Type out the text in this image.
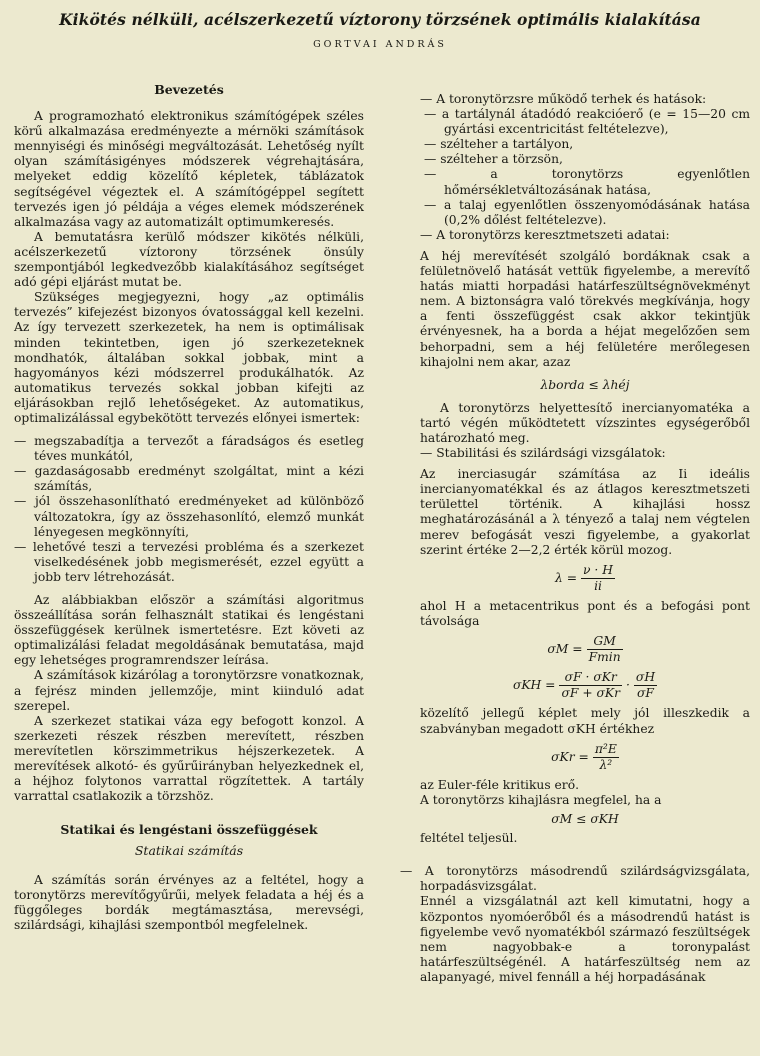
Kikötés nélküli, acélszerkezetű víztorony törzsének optimális kialakítása
GORTVAI ANDRÁS
Bevezetés

A programozható elektronikus számítógépek széles körű alkalmazása eredményezte a mérnöki számítások mennyiségi és minőségi megváltozását. Lehetőség nyílt olyan számításigényes módszerek végrehajtására, melyeket eddig közelítő képletek, táblázatok segítségével végeztek el. A számítógéppel segített tervezés igen jó példája a véges elemek módszerének alkalmazása vagy az automatizált optimumkeresés.

A bemutatásra kerülő módszer kikötés nélküli, acélszerkezetű víztorony törzsének önsúly szempontjából legkedvezőbb kialakításához segítséget adó gépi eljárást mutat be.

Szükséges megjegyezni, hogy „az optimális tervezés” kifejezést bizonyos óvatossággal kell kezelni. Az így tervezett szerkezetek, ha nem is optimálisak minden tekintetben, igen jó szerkezeteknek mondhatók, általában sokkal jobbak, mint a hagyományos kézi módszerrel produkálhatók. Az automatikus tervezés sokkal jobban kifejti az eljárásokban rejlő lehetőségeket. Az automatikus, optimalizálással egybekötött tervezés előnyei ismertek:

— megszabadítja a tervezőt a fáradságos és esetleg téves munkától,

— gazdaságosabb eredményt szolgáltat, mint a kézi számítás,

— jól összehasonlítható eredményeket ad különböző változatokra, így az összehasonlító, elemző munkát lényegesen megkönnyíti,

— lehetővé teszi a tervezési probléma és a szerkezet viselkedésének jobb megismerését, ezzel együtt a jobb terv létrehozását.

Az alábbiakban először a számítási algoritmus összeállítása során felhasznált statikai és lengéstani összefüggések kerülnek ismertetésre. Ezt követi az optimalizálási feladat megoldásának bemutatása, majd egy lehetséges programrendszer leírása.

A számítások kizárólag a toronytörzsre vonatkoznak, a fejrész minden jellemzője, mint kiinduló adat szerepel.

A szerkezet statikai váza egy befogott konzol. A szerkezeti részek részben merevített, részben merevítetlen körszimmetrikus héjszerkezetek. A merevítések alkotó- és gyűrűirányban helyezkednek el, a héjhoz folytonos varrattal rögzítettek. A tartály varrattal csatlakozik a törzshöz.

Statikai és lengéstani összefüggések
Statikai számítás

A számítás során érvényes az a feltétel, hogy a toronytörzs merevítőgyűrűi, melyek feladata a héj és a függőleges bordák megtámasztása, merevségi, szilárdsági, kihajlási szempontból megfelelnek.

— A toronytörzsre működő terhek és hatások:

— a tartálynál átadódó reakcióerő (e = 15—20 cm gyártási excentricitást feltételezve),

— szélteher a tartályon,

— szélteher a törzsön,

— a toronytörzs egyenlőtlen hőmérsékletváltozásának hatása,

— a talaj egyenlőtlen összenyomódásának hatása (0,2% dőlést feltételezve).

— A toronytörzs keresztmetszeti adatai:

A héj merevítését szolgáló bordáknak csak a felületnövelő hatását vettük figyelembe, a merevítő hatás miatti horpadási határfeszültségnövekményt nem. A biztonságra való törekvés megkívánja, hogy a fenti összefüggést csak akkor tekintjük érvényesnek, ha a borda a héjat megelőzően sem behorpadni, sem a héj felületére merőlegesen kihajolni nem akar, azaz

λborda ≤ λhéj

A toronytörzs helyettesítő inercianyomatéka a tartó végén működtetett vízszintes egységerőből határozható meg.

— Stabilitási és szilárdsági vizsgálatok:

Az inerciasugár számítása az Ii ideális inercianyomatékkal és az átlagos keresztmetszeti területtel történik. A kihajlási hossz meghatározásánál a λ tényező a talaj nem végtelen merev befogását veszi figyelembe, a gyakorlat szerint értéke 2—2,2 érték körül mozog.

$\lambda = \frac{\nu \cdot H}{ii}$

ahol H a metacentrikus pont és a befogási pont távolsága

$\sigma M = \frac{GM}{Fmin}$
$\sigma KH = \frac{\text{σF · σKr}}{\text{σF + σKr}} \cdot \frac{\sigma H}{\sigma F}$

közelítő jellegű képlet mely jól illeszkedik a szabványban megadott σKH értékhez

$\sigma Kr = \frac{\text{π²E}}{\text{λ²}}$

az Euler-féle kritikus erő.

A toronytörzs kihajlásra megfelel, ha a

σM ≤ σKH

feltétel teljesül.

— A toronytörzs másodrendű szilárdságvizsgálata, horpadásvizsgálat.

Ennél a vizsgálatnál azt kell kimutatni, hogy a központos nyomóerőből és a másodrendű hatást is figyelembe vevő nyomatékból származó feszültségek nem nagyobbak-e a toronypalást határfeszültségénél. A határfeszültség nem az alapanyagé, mivel fennáll a héj horpadásának
